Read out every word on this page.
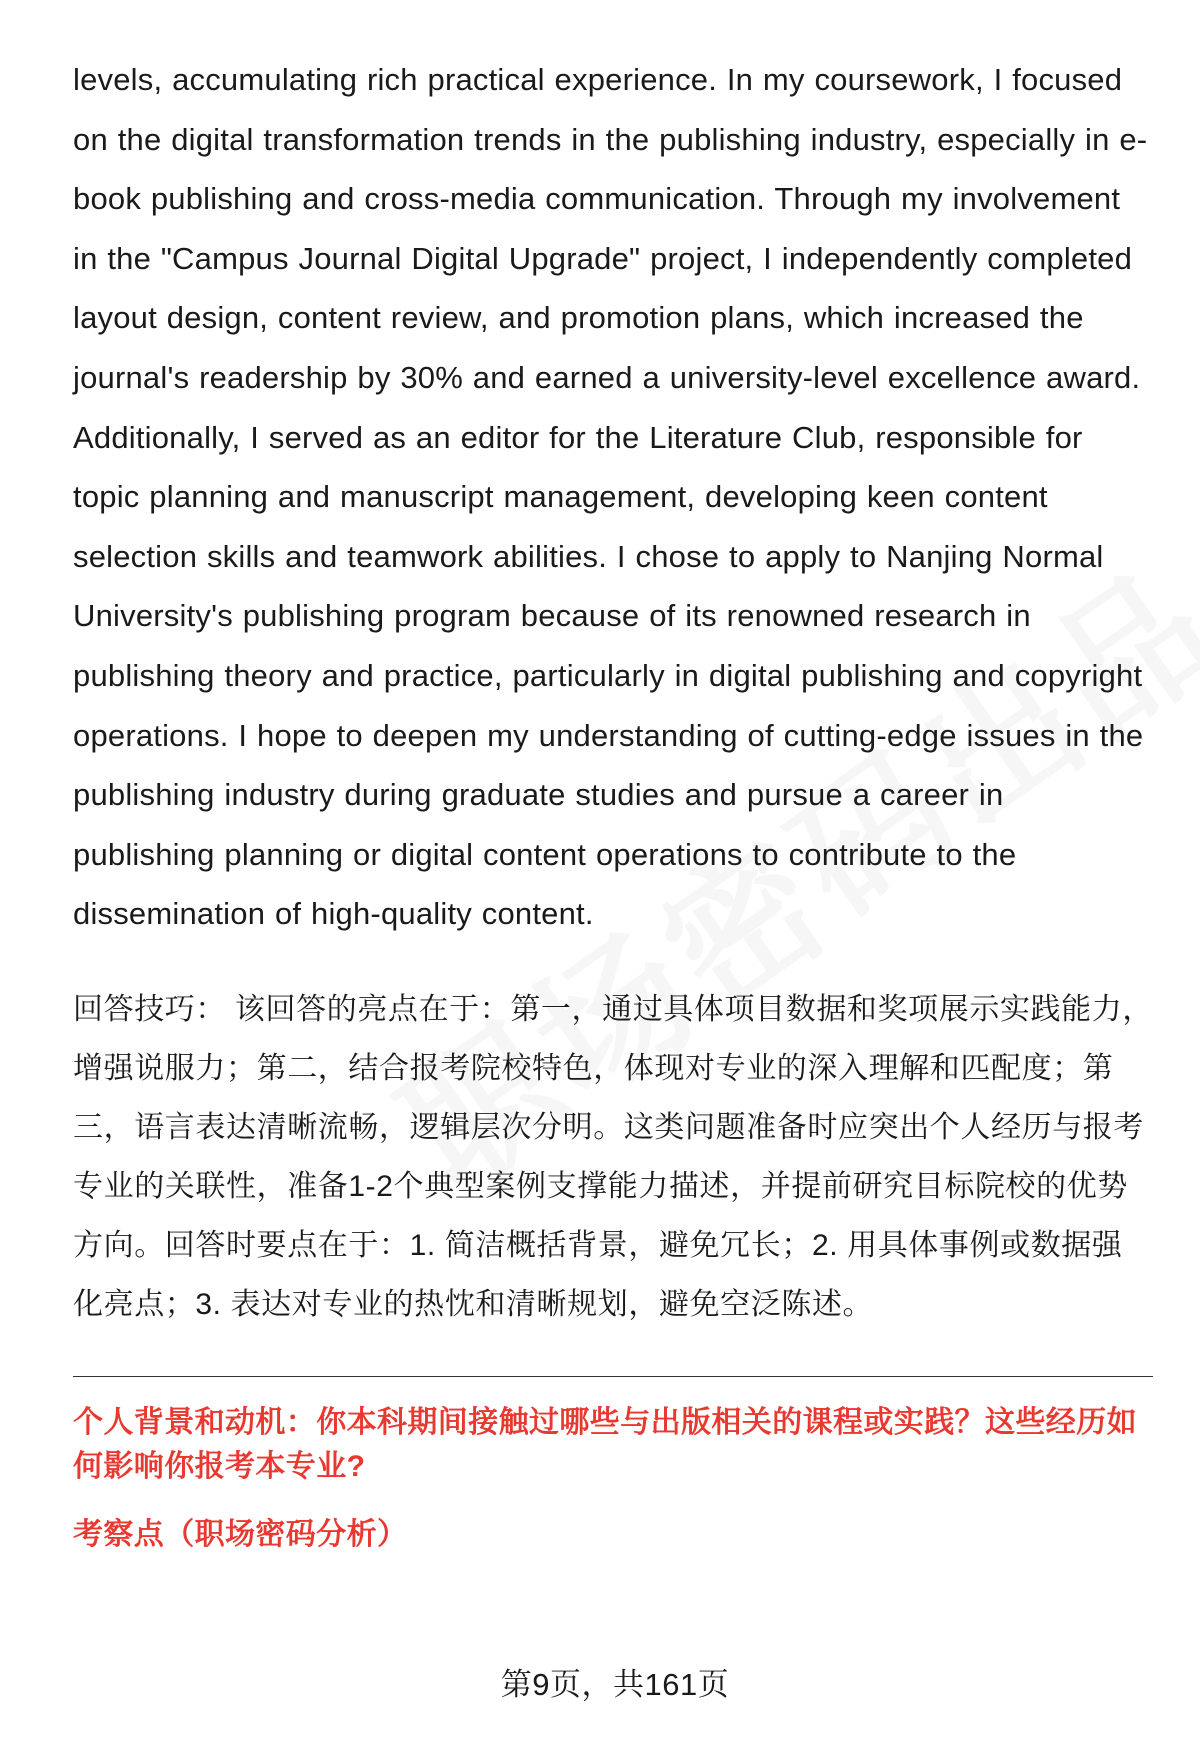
levels, accumulating rich practical experience. In my coursework, I focused on the digital transformation trends in the publishing industry, especially in e-book publishing and cross-media communication. Through my involvement in the "Campus Journal Digital Upgrade" project, I independently completed layout design, content review, and promotion plans, which increased the journal's readership by 30% and earned a university-level excellence award. Additionally, I served as an editor for the Literature Club, responsible for topic planning and manuscript management, developing keen content selection skills and teamwork abilities. I chose to apply to Nanjing Normal University's publishing program because of its renowned research in publishing theory and practice, particularly in digital publishing and copyright operations. I hope to deepen my understanding of cutting-edge issues in the publishing industry during graduate studies and pursue a career in publishing planning or digital content operations to contribute to the dissemination of high-quality content.

回答技巧： 该回答的亮点在于：第一，通过具体项目数据和奖项展示实践能力，增强说服力；第二，结合报考院校特色，体现对专业的深入理解和匹配度；第三，语言表达清晰流畅，逻辑层次分明。这类问题准备时应突出个人经历与报考专业的关联性，准备1-2个典型案例支撑能力描述，并提前研究目标院校的优势方向。回答时要点在于：1. 简洁概括背景，避免冗长；2. 用具体事例或数据强化亮点；3. 表达对专业的热忱和清晰规划，避免空泛陈述。

个人背景和动机：你本科期间接触过哪些与出版相关的课程或实践？这些经历如何影响你报考本专业?

考察点（职场密码分析）

第9页，共161页
